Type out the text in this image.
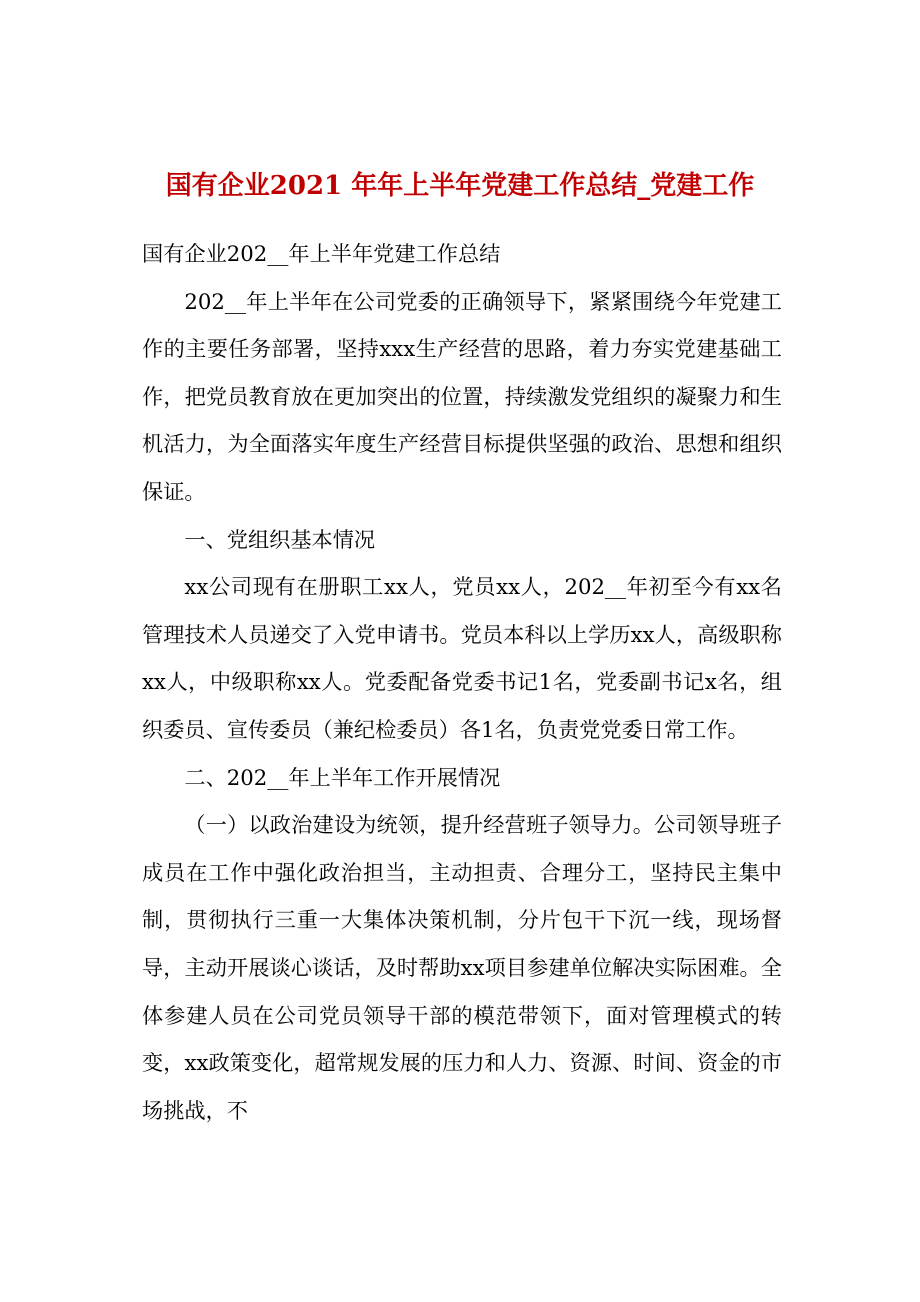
国有企业2021 年年上半年党建工作总结_党建工作

国有企业202__年上半年党建工作总结

202__年上半年在公司党委的正确领导下，紧紧围绕今年党建工作的主要任务部署，坚持xxx生产经营的思路，着力夯实党建基础工作，把党员教育放在更加突出的位置，持续激发党组织的凝聚力和生机活力，为全面落实年度生产经营目标提供坚强的政治、思想和组织保证。

一、党组织基本情况

xx公司现有在册职工xx人，党员xx人，202__年初至今有xx名管理技术人员递交了入党申请书。党员本科以上学历xx人，高级职称xx人，中级职称xx人。党委配备党委书记1名，党委副书记x名，组织委员、宣传委员（兼纪检委员）各1名，负责党党委日常工作。

二、202__年上半年工作开展情况

（一）以政治建设为统领，提升经营班子领导力。公司领导班子成员在工作中强化政治担当，主动担责、合理分工，坚持民主集中制，贯彻执行三重一大集体决策机制，分片包干下沉一线，现场督导，主动开展谈心谈话，及时帮助xx项目参建单位解决实际困难。全体参建人员在公司党员领导干部的模范带领下，面对管理模式的转变，xx政策变化，超常规发展的压力和人力、资源、时间、资金的市场挑战，不
